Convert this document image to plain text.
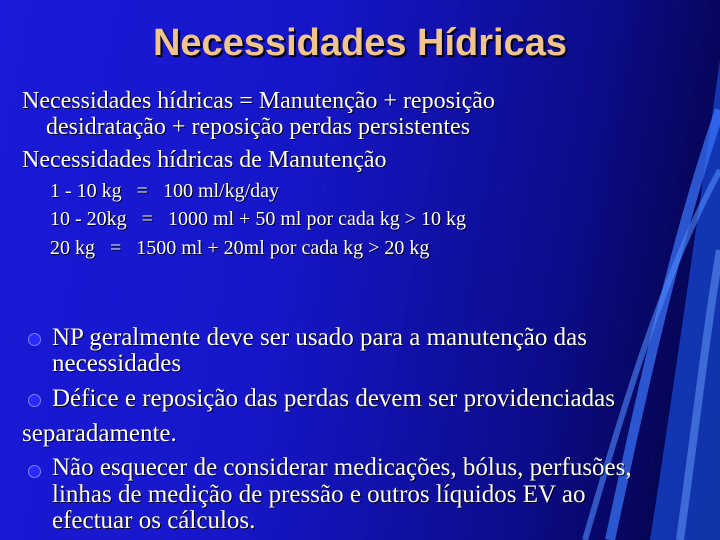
Necessidades Hídricas
Necessidades hídricas = Manutenção + reposição
desidratação + reposição perdas persistentes
Necessidades hídricas de Manutenção
1 - 10 kg   =   100 ml/kg/day
10 - 20kg   =   1000 ml + 50 ml por cada kg > 10 kg
20 kg   =   1500 ml + 20ml por cada kg > 20 kg
NP geralmente deve ser usado para a manutenção das
necessidades
Défice e reposição das perdas devem ser providenciadas
separadamente.
Não esquecer de considerar medicações, bólus, perfusões,
linhas de medição de pressão e outros líquidos EV ao
efectuar os cálculos.
